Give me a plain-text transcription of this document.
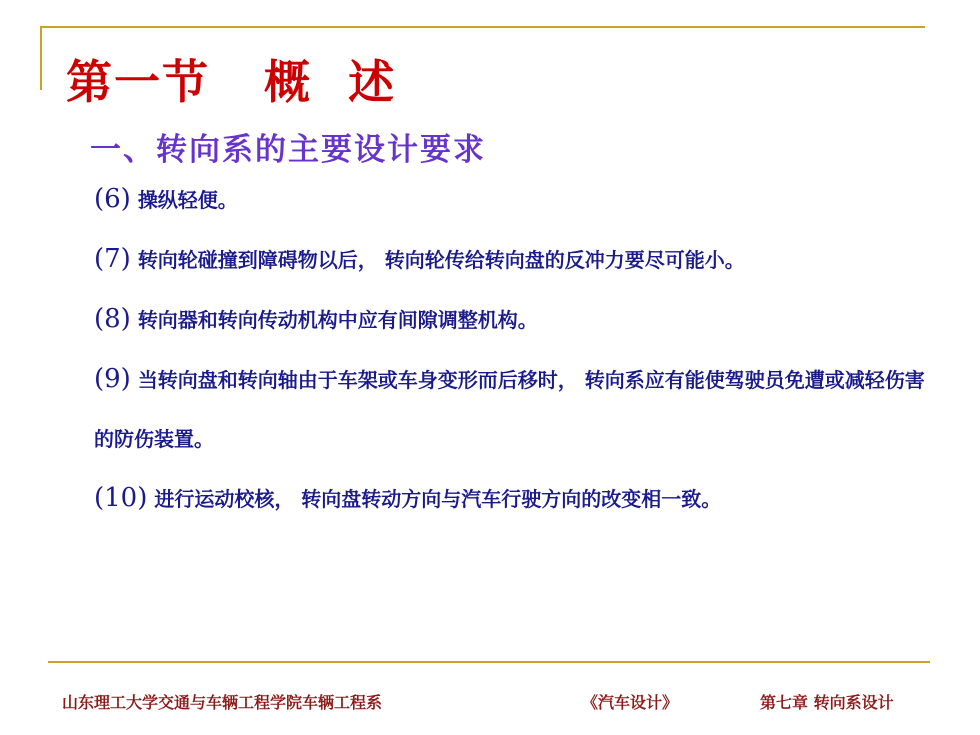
第一节   概  述
一、转向系的主要设计要求

(6) 操纵轻便。

(7) 转向轮碰撞到障碍物以后， 转向轮传给转向盘的反冲力要尽可能小。

(8) 转向器和转向传动机构中应有间隙调整机构。

(9) 当转向盘和转向轴由于车架或车身变形而后移时， 转向系应有能使驾驶员免遭或减轻伤害的防伤装置。

(10) 进行运动校核， 转向盘转动方向与汽车行驶方向的改变相一致。

山东理工大学交通与车辆工程学院车辆工程系	《汽车设计》	第七章 转向系设计
